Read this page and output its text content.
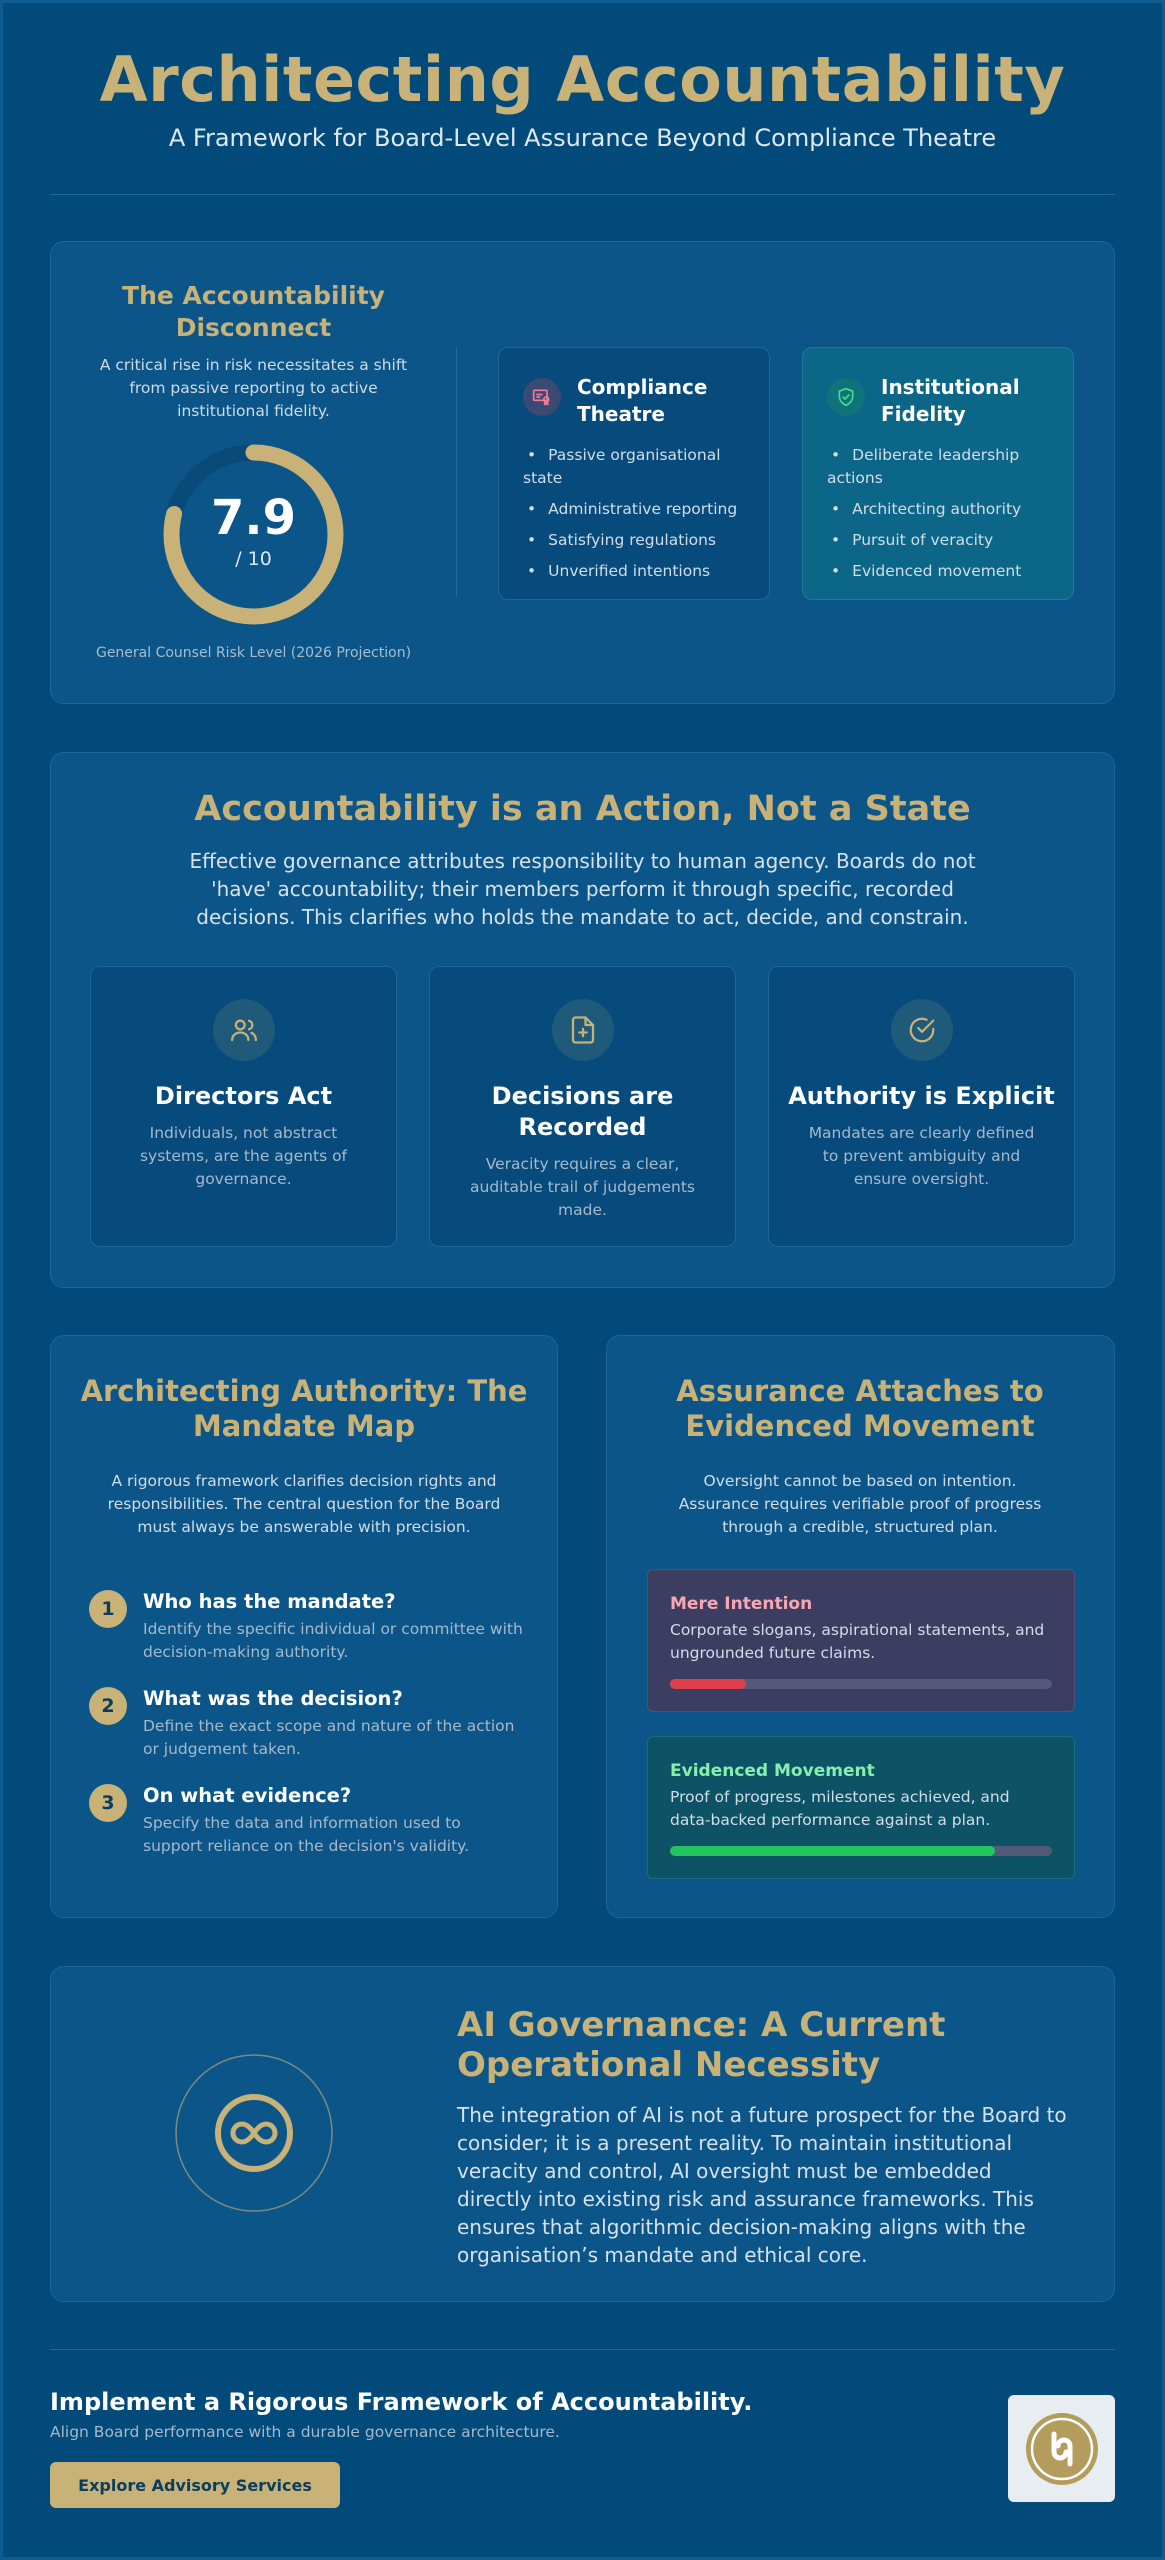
Architecting Accountability
A Framework for Board-Level Assurance Beyond Compliance Theatre
The Accountability Disconnect

A critical rise in risk necessitates a shift from passive reporting to active institutional fidelity.

7.9
/ 10
General Counsel Risk Level (2026 Projection)
Compliance Theatre
• Passive organisational state
• Administrative reporting
• Satisfying regulations
• Unverified intentions
Institutional Fidelity
• Deliberate leadership actions
• Architecting authority
• Pursuit of veracity
• Evidenced movement
Accountability is an Action, Not a State
Effective governance attributes responsibility to human agency. Boards do not 'have' accountability; their members perform it through specific, recorded decisions. This clarifies who holds the mandate to act, decide, and constrain.
Directors Act

Individuals, not abstract systems, are the agents of governance.

Decisions are Recorded

Veracity requires a clear, auditable trail of judgements made.

Authority is Explicit

Mandates are clearly defined to prevent ambiguity and ensure oversight.

Architecting Authority: The Mandate Map
A rigorous framework clarifies decision rights and responsibilities. The central question for the Board must always be answerable with precision.
1	Who has the mandate?
Identify the specific individual or committee with decision-making authority.
2	What was the decision?
Define the exact scope and nature of the action or judgement taken.
3	On what evidence?
Specify the data and information used to support reliance on the decision's validity.
Assurance Attaches to Evidenced Movement
Oversight cannot be based on intention. Assurance requires verifiable proof of progress through a credible, structured plan.
Mere Intention
Corporate slogans, aspirational statements, and ungrounded future claims.
Evidenced Movement
Proof of progress, milestones achieved, and data-backed performance against a plan.
AI Governance: A Current Operational Necessity
The integration of AI is not a future prospect for the Board to consider; it is a present reality. To maintain institutional veracity and control, AI oversight must be embedded directly into existing risk and assurance frameworks. This ensures that algorithmic decision-making aligns with the organisation’s mandate and ethical core.
Implement a Rigorous Framework of Accountability.
Align Board performance with a durable governance architecture.
Explore Advisory Services
